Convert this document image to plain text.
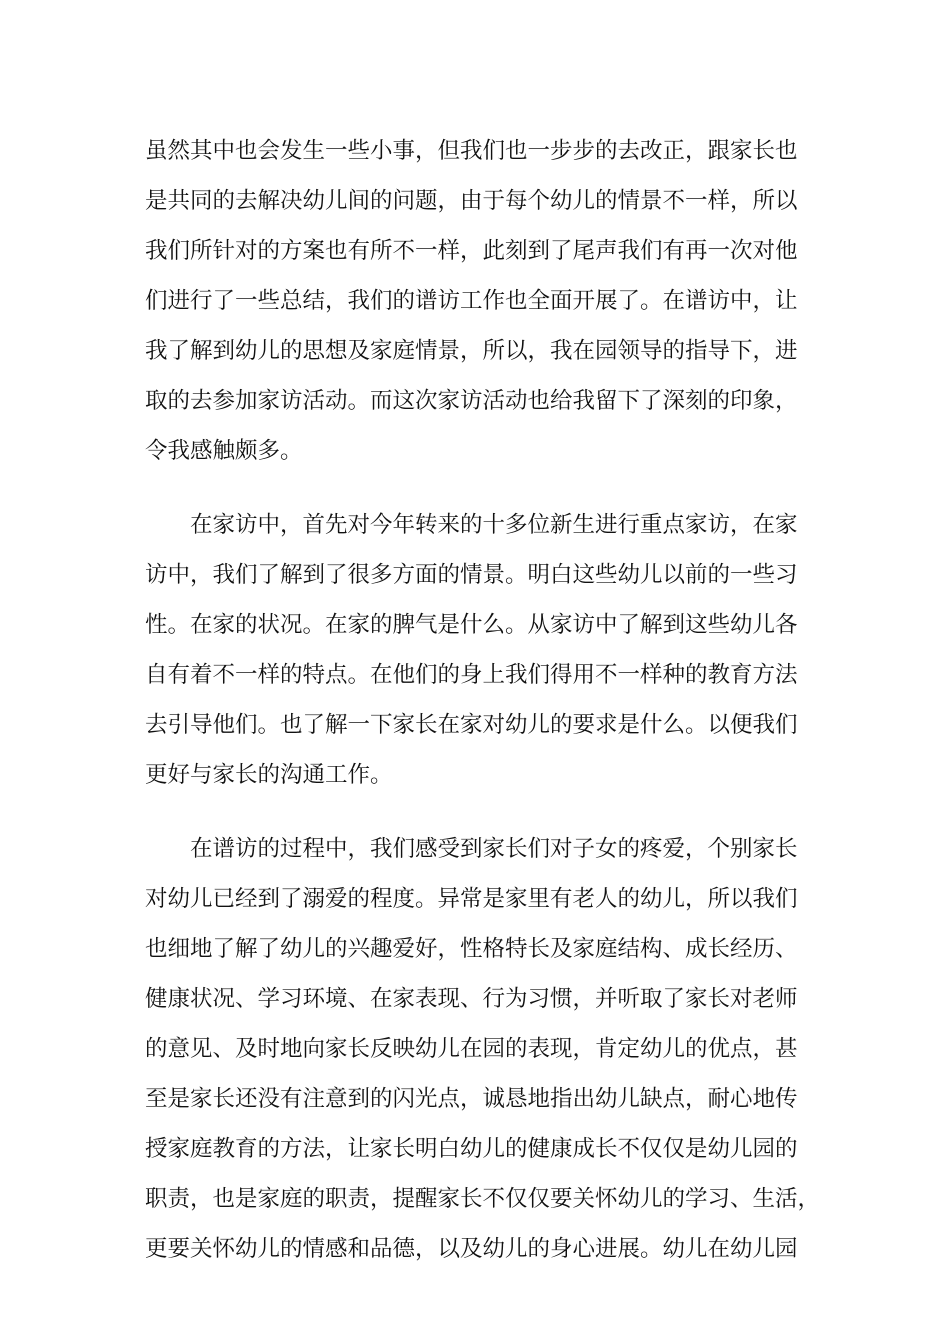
虽然其中也会发生一些小事，但我们也一步步的去改正，跟家长也
是共同的去解决幼儿间的问题，由于每个幼儿的情景不一样，所以
我们所针对的方案也有所不一样，此刻到了尾声我们有再一次对他
们进行了一些总结，我们的谱访工作也全面开展了。在谱访中，让
我了解到幼儿的思想及家庭情景，所以，我在园领导的指导下，进
取的去参加家访活动。而这次家访活动也给我留下了深刻的印象，
令我感触颇多。
　　在家访中，首先对今年转来的十多位新生进行重点家访，在家
访中，我们了解到了很多方面的情景。明白这些幼儿以前的一些习
性。在家的状况。在家的脾气是什么。从家访中了解到这些幼儿各
自有着不一样的特点。在他们的身上我们得用不一样种的教育方法
去引导他们。也了解一下家长在家对幼儿的要求是什么。以便我们
更好与家长的沟通工作。
　　在谱访的过程中，我们感受到家长们对子女的疼爱，个别家长
对幼儿已经到了溺爱的程度。异常是家里有老人的幼儿，所以我们
也细地了解了幼儿的兴趣爱好，性格特长及家庭结构、成长经历、
健康状况、学习环境、在家表现、行为习惯，并听取了家长对老师
的意见、及时地向家长反映幼儿在园的表现，肯定幼儿的优点，甚
至是家长还没有注意到的闪光点，诚恳地指出幼儿缺点，耐心地传
授家庭教育的方法，让家长明白幼儿的健康成长不仅仅是幼儿园的
职责，也是家庭的职责，提醒家长不仅仅要关怀幼儿的学习、生活，
更要关怀幼儿的情感和品德，以及幼儿的身心进展。幼儿在幼儿园
